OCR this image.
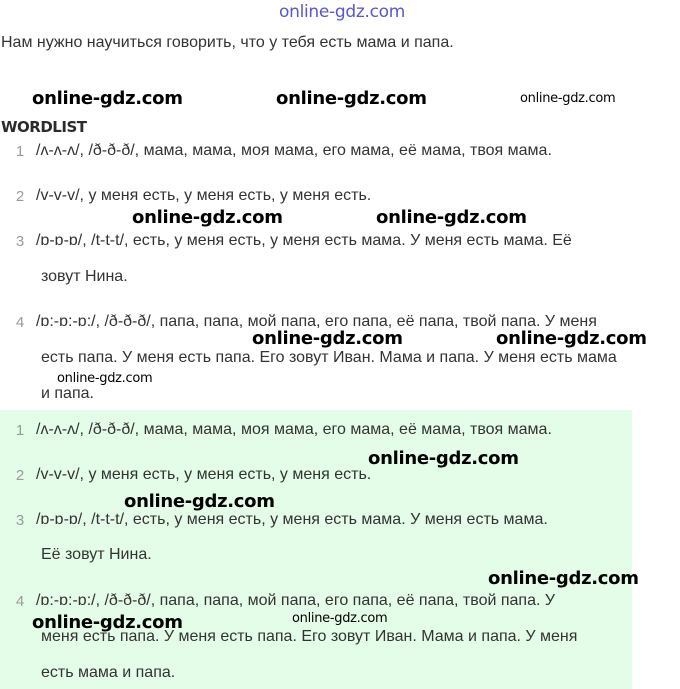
online-gdz.com
Нам нужно научиться говорить, что у тебя есть мама и папа.
WORDLIST
1 /ʌ-ʌ-ʌ/, /ð-ð-ð/, мама, мама, моя мама, его мама, её мама, твоя мама.
2 /v-v-v/, у меня есть, у меня есть, у меня есть.
3 /ɒ-ɒ-ɒ/, /t-t-t/, есть, у меня есть, у меня есть мама. У меня есть мама. Её
зовут Нина.
4 /ɒ:-ɒ:-ɒ:/, /ð-ð-ð/, папа, папа, мой папа, его папа, её папа, твой папа. У меня
есть папа. У меня есть папа. Его зовут Иван. Мама и папа. У меня есть мама
и папа.
1 /ʌ-ʌ-ʌ/, /ð-ð-ð/, мама, мама, моя мама, его мама, её мама, твоя мама.
2 /v-v-v/, у меня есть, у меня есть, у меня есть.
3 /ɒ-ɒ-ɒ/, /t-t-t/, есть, у меня есть, у меня есть мама. У меня есть мама.
Её зовут Нина.
4 /ɒ:-ɒ:-ɒ:/, /ð-ð-ð/, папа, папа, мой папа, его папа, её папа, твой папа. У
меня есть папа. У меня есть папа. Его зовут Иван. Мама и папа. У меня
есть мама и папа.
online-gdz.com	online-gdz.com	online-gdz.com
online-gdz.com	online-gdz.com
online-gdz.com	online-gdz.com
online-gdz.com
online-gdz.com
online-gdz.com
online-gdz.com
online-gdz.com	online-gdz.com
